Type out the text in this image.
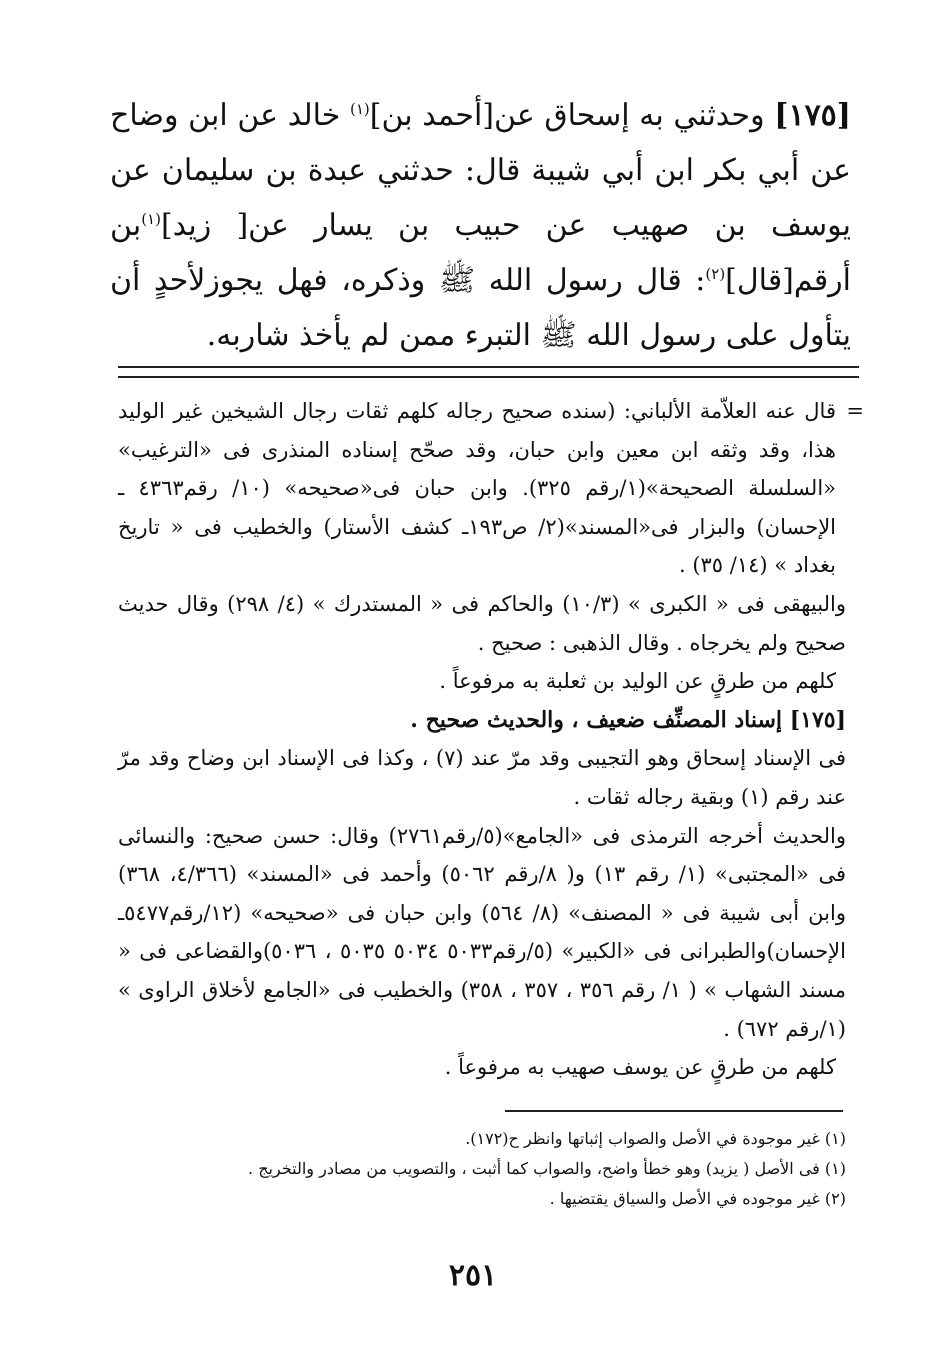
[١٧٥] وحدثني به إسحاق عن[أحمد بن]$^{(١)}$ خالد عن ابن وضاح عن أبي بكر ابن أبي شيبة قال: حدثني عبدة بن سليمان عن يوسف بن صهيب عن حبيب بن يسار عن[ زيد]$^{(١)}$بن أرقم[قال]$^{(٢)}$: قال رسول الله ﷺ وذكره، فهل يجوزلأحدٍ أن يتأول على رسول الله ﷺ التبرء ممن لم يأخذ شاربه.

=

قال عنه العلاّمة الألباني: (سنده صحيح رجاله كلهم ثقات رجال الشيخين غير الوليد هذا، وقد وثقه ابن معين وابن حبان، وقد صحّح إسناده المنذرى فى «الترغيب» «السلسلة الصحيحة»(١/رقم ٣٢٥). وابن حبان فى«صحيحه» (١٠/ رقم٤٣٦٣ ـ الإحسان) والبزار فى«المسند»(٢/ ص١٩٣ـ كشف الأستار) والخطيب فى « تاريخ بغداد » (١٤/ ٣٥) .

والبيهقى فى « الكبرى » (١٠/٣) والحاكم فى « المستدرك » (٤/ ٢٩٨) وقال حديث صحيح ولم يخرجاه . وقال الذهبى : صحيح .

كلهم من طرقٍ عن الوليد بن ثعلبة به مرفوعاً .

[١٧٥] إسناد المصنِّف ضعيف ، والحديث صحيح .

فى الإسناد إسحاق وهو التجيبى وقد مرّ عند (٧) ، وكذا فى الإسناد ابن وضاح وقد مرّ عند رقم (١) وبقية رجاله ثقات .

والحديث أخرجه الترمذى فى «الجامع»(٥/رقم٢٧٦١) وقال: حسن صحيح: والنسائى فى «المجتبى» (١/ رقم ١٣) و( ٨/رقم ٥٠٦٢) وأحمد فى «المسند» (٤/٣٦٦، ٣٦٨) وابن أبى شيبة فى « المصنف» (٨/ ٥٦٤) وابن حبان فى «صحيحه» (١٢/رقم٥٤٧٧ـ الإحسان)والطبرانى فى «الكبير» (٥/رقم٥٠٣٣ ٥٠٣٤ ٥٠٣٥ ، ٥٠٣٦)والقضاعى فى « مسند الشهاب » ( ١/ رقم ٣٥٦ ، ٣٥٧ ، ٣٥٨) والخطيب فى «الجامع لأخلاق الراوى » (١/رقم ٦٧٢) .

كلهم من طرقٍ عن يوسف صهيب به مرفوعاً .

(١) غير موجودة في الأصل والصواب إثباتها وانظر ح(١٧٢).

(١) فى الأصل ( يزيد) وهو خطأ واضح، والصواب كما أثبت ، والتصويب من مصادر والتخريج .

(٢) غير موجوده في الأصل والسياق يقتضيها .

٢٥١
